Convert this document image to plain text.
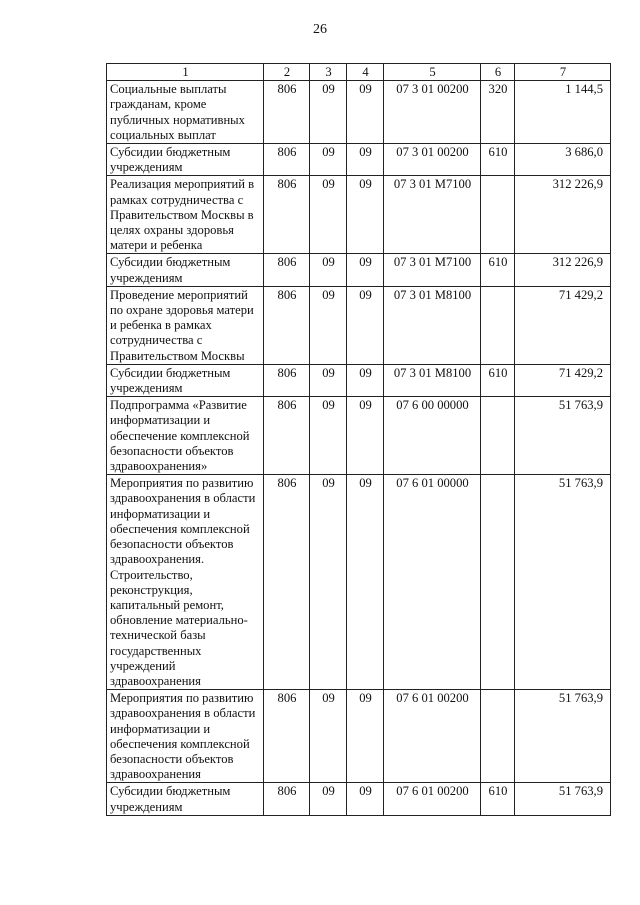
26
1	2	3	4	5	6	7
Социальные выплаты гражданам, кроме публичных нормативных социальных выплат	806	09	09	07 3 01 00200	320	1 144,5
Субсидии бюджетным учреждениям	806	09	09	07 3 01 00200	610	3 686,0
Реализация мероприятий в рамках сотрудничества с Правительством Москвы в целях охраны здоровья матери и ребенка	806	09	09	07 3 01 M7100		312 226,9
Субсидии бюджетным учреждениям	806	09	09	07 3 01 M7100	610	312 226,9
Проведение мероприятий по охране здоровья матери и ребенка в рамках сотрудничества с Правительством Москвы	806	09	09	07 3 01 M8100		71 429,2
Субсидии бюджетным учреждениям	806	09	09	07 3 01 M8100	610	71 429,2
Подпрограмма «Развитие информатизации и обеспечение комплексной безопасности объектов здравоохранения»	806	09	09	07 6 00 00000		51 763,9
Мероприятия по развитию здравоохранения в области информатизации и обеспечения комплексной безопасности объектов здравоохранения. Строительство, реконструкция, капитальный ремонт, обновление материально-технической базы государственных учреждений здравоохранения	806	09	09	07 6 01 00000		51 763,9
Мероприятия по развитию здравоохранения в области информатизации и обеспечения комплексной безопасности объектов здравоохранения	806	09	09	07 6 01 00200		51 763,9
Субсидии бюджетным учреждениям	806	09	09	07 6 01 00200	610	51 763,9
